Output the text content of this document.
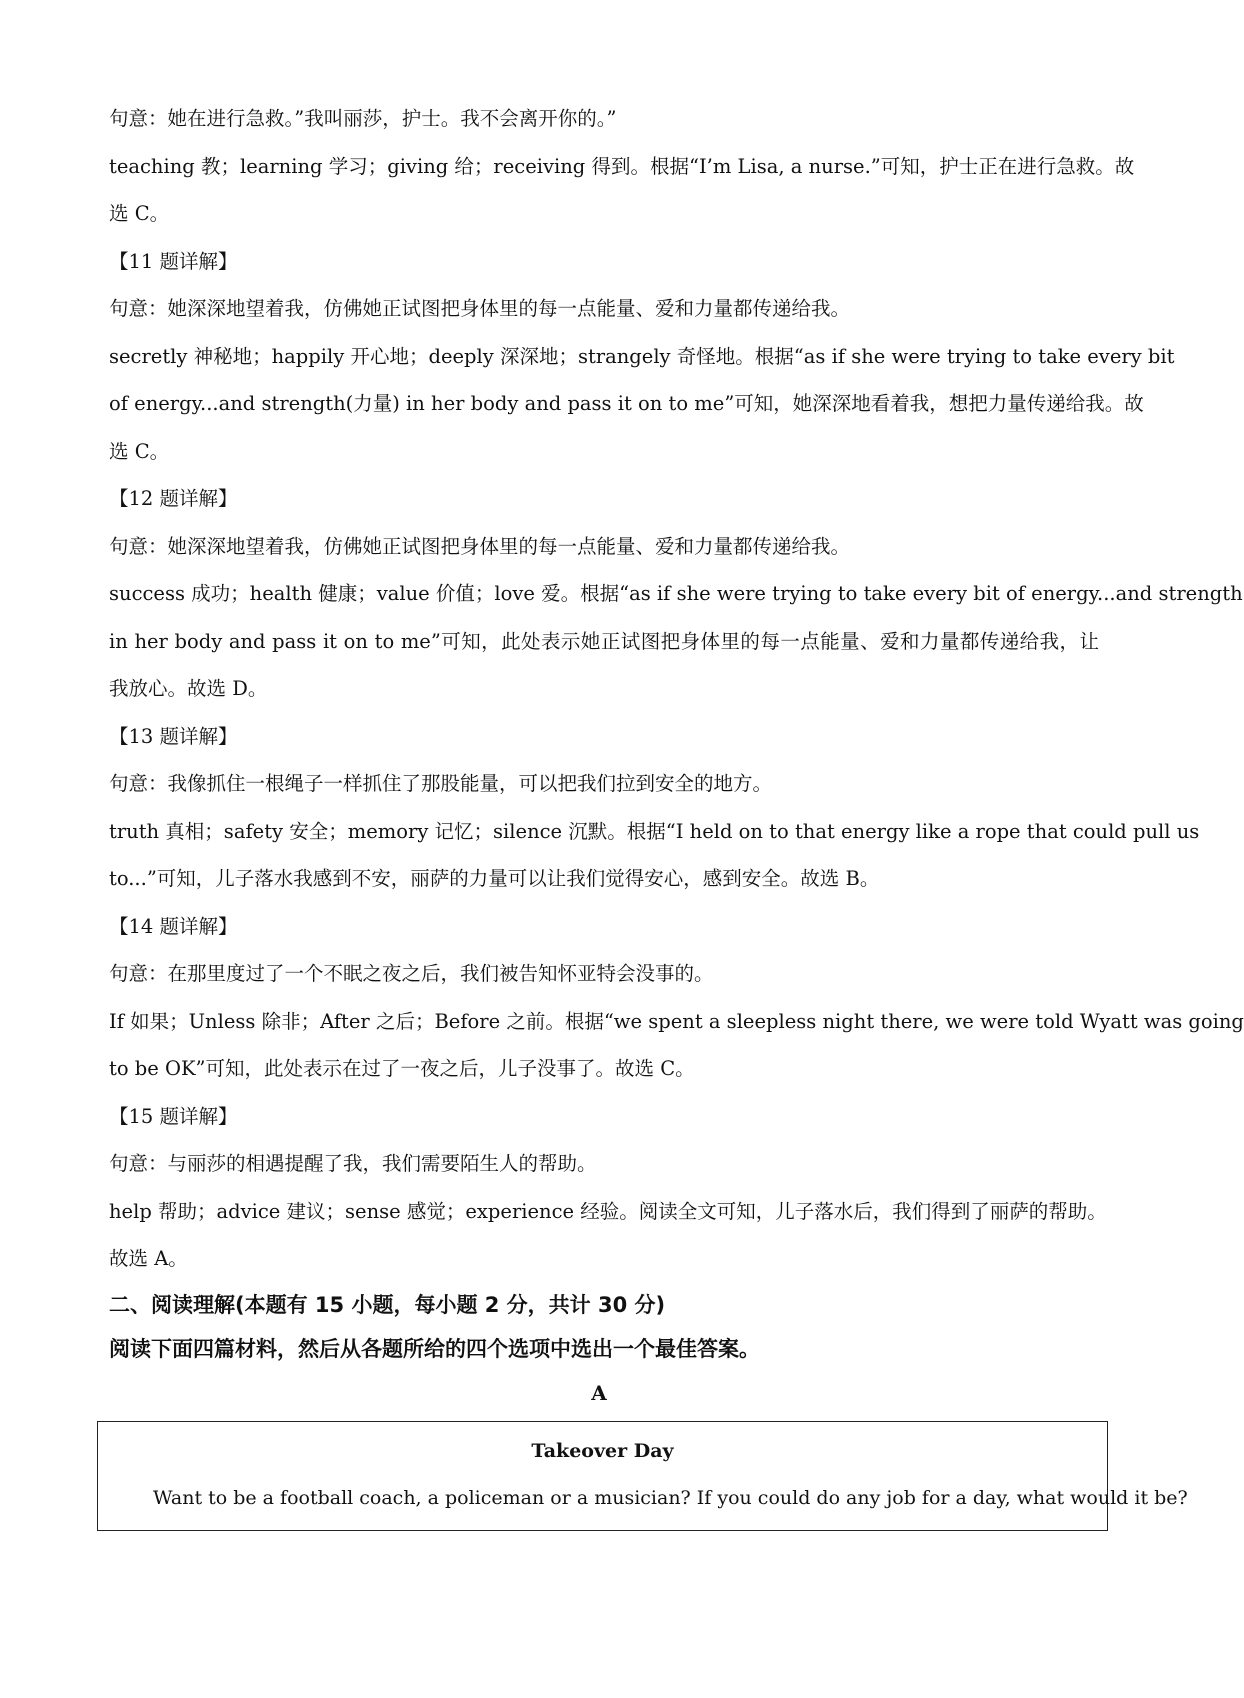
句意：她在进行急救。”我叫丽莎，护士。我不会离开你的。”
teaching 教；learning 学习；giving 给；receiving 得到。根据“I’m Lisa, a nurse.”可知，护士正在进行急救。故
选 C。
【11 题详解】
句意：她深深地望着我，仿佛她正试图把身体里的每一点能量、爱和力量都传递给我。
secretly 神秘地；happily 开心地；deeply 深深地；strangely 奇怪地。根据“as if she were trying to take every bit
of energy...and strength(力量) in her body and pass it on to me”可知，她深深地看着我，想把力量传递给我。故
选 C。
【12 题详解】
句意：她深深地望着我，仿佛她正试图把身体里的每一点能量、爱和力量都传递给我。
success 成功；health 健康；value 价值；love 爱。根据“as if she were trying to take every bit of energy...and strength
in her body and pass it on to me”可知，此处表示她正试图把身体里的每一点能量、爱和力量都传递给我，让
我放心。故选 D。
【13 题详解】
句意：我像抓住一根绳子一样抓住了那股能量，可以把我们拉到安全的地方。
truth 真相；safety 安全；memory 记忆；silence 沉默。根据“I held on to that energy like a rope that could pull us
to...”可知，儿子落水我感到不安，丽萨的力量可以让我们觉得安心，感到安全。故选 B。
【14 题详解】
句意：在那里度过了一个不眠之夜之后，我们被告知怀亚特会没事的。
If 如果；Unless 除非；After 之后；Before 之前。根据“we spent a sleepless night there, we were told Wyatt was going
to be OK”可知，此处表示在过了一夜之后，儿子没事了。故选 C。
【15 题详解】
句意：与丽莎的相遇提醒了我，我们需要陌生人的帮助。
help 帮助；advice 建议；sense 感觉；experience 经验。阅读全文可知，儿子落水后，我们得到了丽萨的帮助。
故选 A。
二、阅读理解(本题有 15 小题，每小题 2 分，共计 30 分)
阅读下面四篇材料，然后从各题所给的四个选项中选出一个最佳答案。
A
Takeover Day
Want to be a football coach, a policeman or a musician? If you could do any job for a day, what would it be?
